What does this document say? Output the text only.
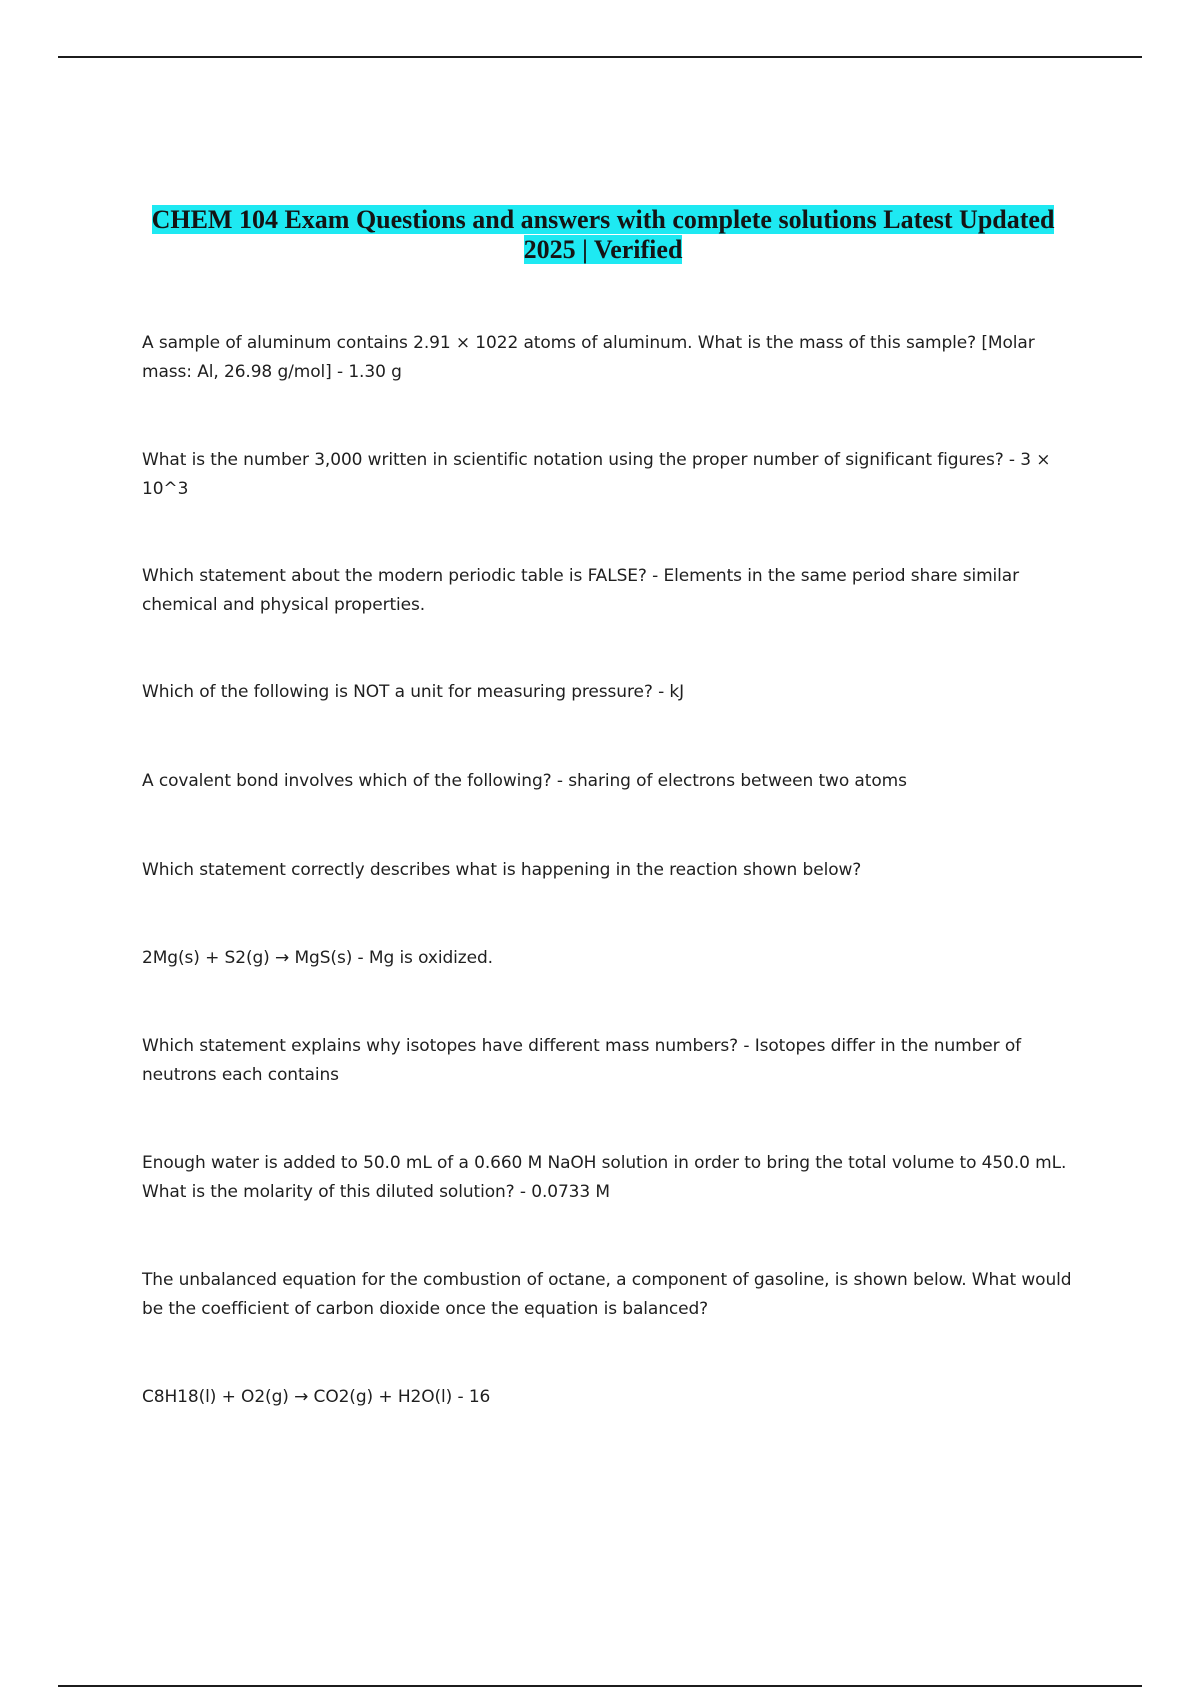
CHEM 104 Exam Questions and answers with complete solutions Latest Updated 2025 | Verified

A sample of aluminum contains 2.91 × 1022 atoms of aluminum. What is the mass of this sample? [Molar mass: Al, 26.98 g/mol] - 1.30 g

What is the number 3,000 written in scientific notation using the proper number of significant figures? - 3 × 10^3

Which statement about the modern periodic table is FALSE? - Elements in the same period share similar chemical and physical properties.

Which of the following is NOT a unit for measuring pressure? - kJ

A covalent bond involves which of the following? - sharing of electrons between two atoms

Which statement correctly describes what is happening in the reaction shown below?

2Mg(s) + S2(g) → MgS(s) - Mg is oxidized.

Which statement explains why isotopes have different mass numbers? - Isotopes differ in the number of neutrons each contains

Enough water is added to 50.0 mL of a 0.660 M NaOH solution in order to bring the total volume to 450.0 mL. What is the molarity of this diluted solution? - 0.0733 M

The unbalanced equation for the combustion of octane, a component of gasoline, is shown below. What would be the coefficient of carbon dioxide once the equation is balanced?

C8H18(l) + O2(g) → CO2(g) + H2O(l) - 16
